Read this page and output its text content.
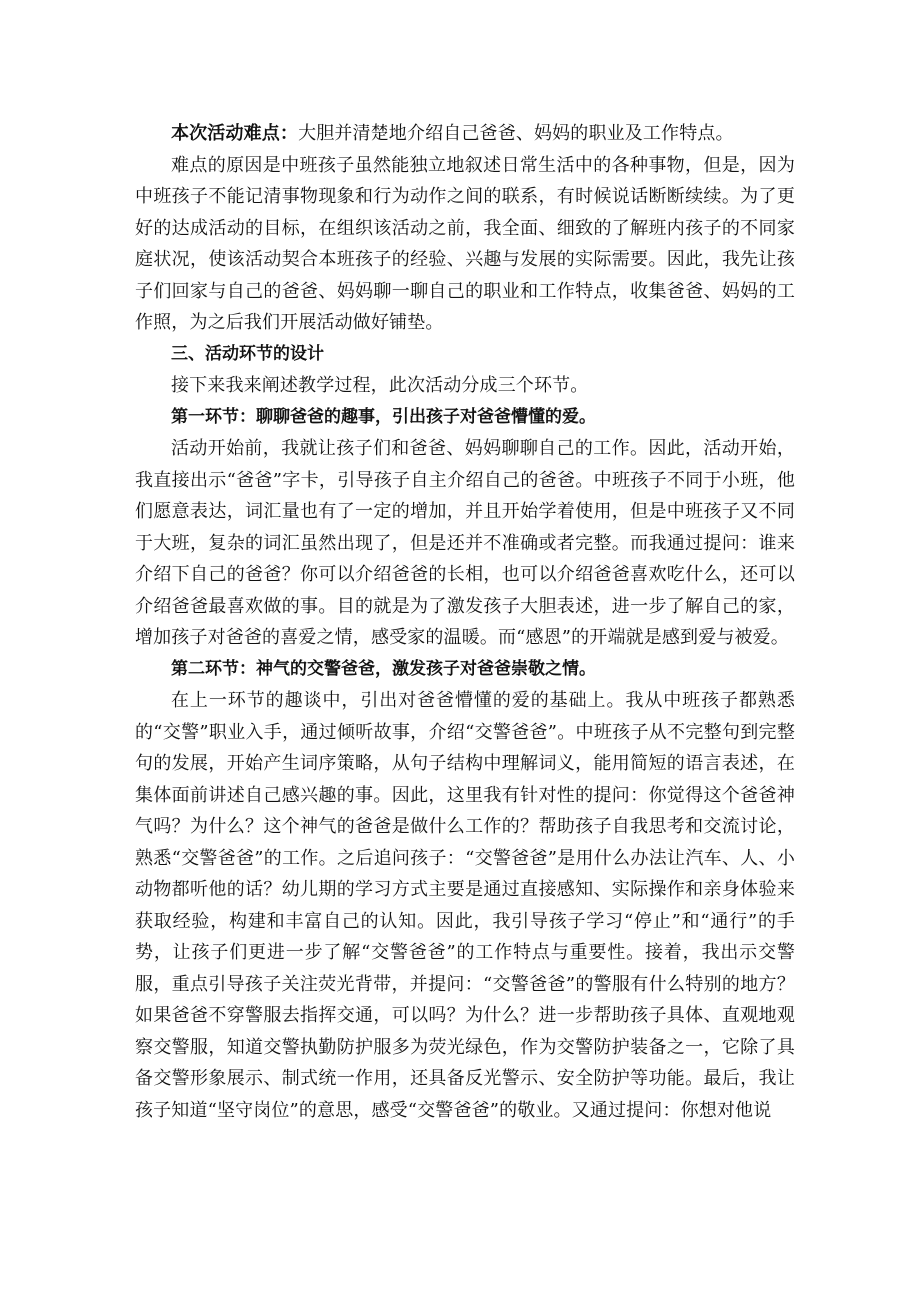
本次活动难点：大胆并清楚地介绍自己爸爸、妈妈的职业及工作特点。

难点的原因是中班孩子虽然能独立地叙述日常生活中的各种事物，但是，因为中班孩子不能记清事物现象和行为动作之间的联系，有时候说话断断续续。为了更好的达成活动的目标，在组织该活动之前，我全面、细致的了解班内孩子的不同家庭状况，使该活动契合本班孩子的经验、兴趣与发展的实际需要。因此，我先让孩子们回家与自己的爸爸、妈妈聊一聊自己的职业和工作特点，收集爸爸、妈妈的工作照，为之后我们开展活动做好铺垫。

三、活动环节的设计

接下来我来阐述教学过程，此次活动分成三个环节。

第一环节：聊聊爸爸的趣事，引出孩子对爸爸懵懂的爱。

活动开始前，我就让孩子们和爸爸、妈妈聊聊自己的工作。因此，活动开始，我直接出示“爸爸”字卡，引导孩子自主介绍自己的爸爸。中班孩子不同于小班，他们愿意表达，词汇量也有了一定的增加，并且开始学着使用，但是中班孩子又不同于大班，复杂的词汇虽然出现了，但是还并不准确或者完整。而我通过提问：谁来介绍下自己的爸爸？你可以介绍爸爸的长相，也可以介绍爸爸喜欢吃什么，还可以介绍爸爸最喜欢做的事。目的就是为了激发孩子大胆表述，进一步了解自己的家，增加孩子对爸爸的喜爱之情，感受家的温暖。而“感恩”的开端就是感到爱与被爱。

第二环节：神气的交警爸爸，激发孩子对爸爸崇敬之情。

在上一环节的趣谈中，引出对爸爸懵懂的爱的基础上。我从中班孩子都熟悉的“交警”职业入手，通过倾听故事，介绍“交警爸爸”。中班孩子从不完整句到完整句的发展，开始产生词序策略，从句子结构中理解词义，能用简短的语言表述，在集体面前讲述自己感兴趣的事。因此，这里我有针对性的提问：你觉得这个爸爸神气吗？为什么？这个神气的爸爸是做什么工作的？帮助孩子自我思考和交流讨论，熟悉“交警爸爸”的工作。之后追问孩子：“交警爸爸”是用什么办法让汽车、人、小动物都听他的话？幼儿期的学习方式主要是通过直接感知、实际操作和亲身体验来获取经验，构建和丰富自己的认知。因此，我引导孩子学习“停止”和“通行”的手势，让孩子们更进一步了解“交警爸爸”的工作特点与重要性。接着，我出示交警服，重点引导孩子关注荧光背带，并提问：“交警爸爸”的警服有什么特别的地方？如果爸爸不穿警服去指挥交通，可以吗？为什么？进一步帮助孩子具体、直观地观察交警服，知道交警执勤防护服多为荧光绿色，作为交警防护装备之一，它除了具备交警形象展示、制式统一作用，还具备反光警示、安全防护等功能。最后，我让孩子知道“坚守岗位”的意思，感受“交警爸爸”的敬业。又通过提问：你想对他说
